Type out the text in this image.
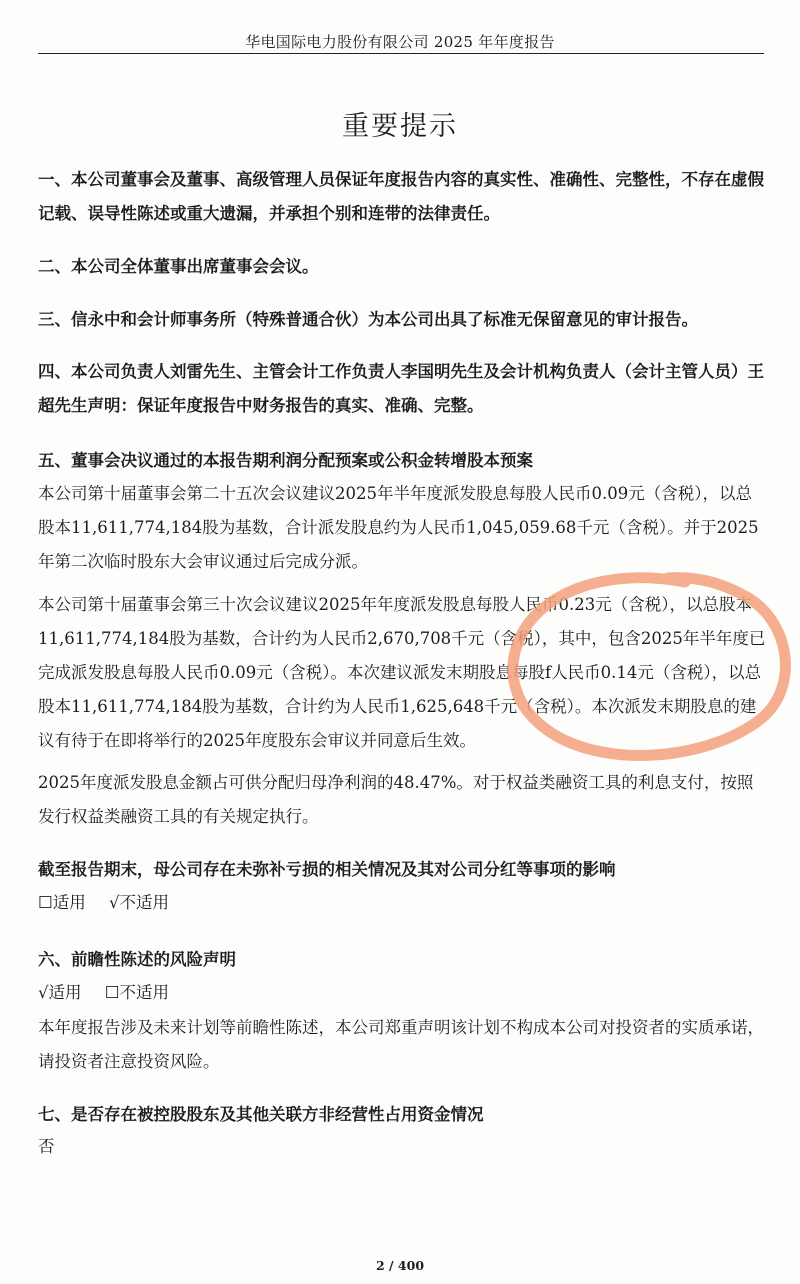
华电国际电力股份有限公司 2025 年年度报告
重要提示
一、本公司董事会及董事、高级管理人员保证年度报告内容的真实性、准确性、完整性，不存在虚假记载、误导性陈述或重大遗漏，并承担个别和连带的法律责任。
二、本公司全体董事出席董事会会议。
三、信永中和会计师事务所（特殊普通合伙）为本公司出具了标准无保留意见的审计报告。
四、本公司负责人刘雷先生、主管会计工作负责人李国明先生及会计机构负责人（会计主管人员）王超先生声明：保证年度报告中财务报告的真实、准确、完整。
五、董事会决议通过的本报告期利润分配预案或公积金转增股本预案
本公司第十届董事会第二十五次会议建议2025年半年度派发股息每股人民币0.09元（含税），以总股本11,611,774,184股为基数，合计派发股息约为人民币1,045,059.68千元（含税）。并于2025年第二次临时股东大会审议通过后完成分派。
本公司第十届董事会第三十次会议建议2025年年度派发股息每股人民币0.23元（含税），以总股本11,611,774,184股为基数，合计约为人民币2,670,708千元（含税），其中，包含2025年半年度已完成派发股息每股人民币0.09元（含税）。本次建议派发末期股息每股f人民币0.14元（含税），以总股本11,611,774,184股为基数，合计约为人民币1,625,648千元（含税）。本次派发末期股息的建议有待于在即将举行的2025年度股东会审议并同意后生效。
2025年度派发股息金额占可供分配归母净利润的48.47%。对于权益类融资工具的利息支付，按照发行权益类融资工具的有关规定执行。
截至报告期末，母公司存在未弥补亏损的相关情况及其对公司分红等事项的影响
☐适用 √不适用
六、前瞻性陈述的风险声明
√适用 ☐不适用
本年度报告涉及未来计划等前瞻性陈述，本公司郑重声明该计划不构成本公司对投资者的实质承诺，请投资者注意投资风险。
七、是否存在被控股股东及其他关联方非经营性占用资金情况
否
2 / 400
